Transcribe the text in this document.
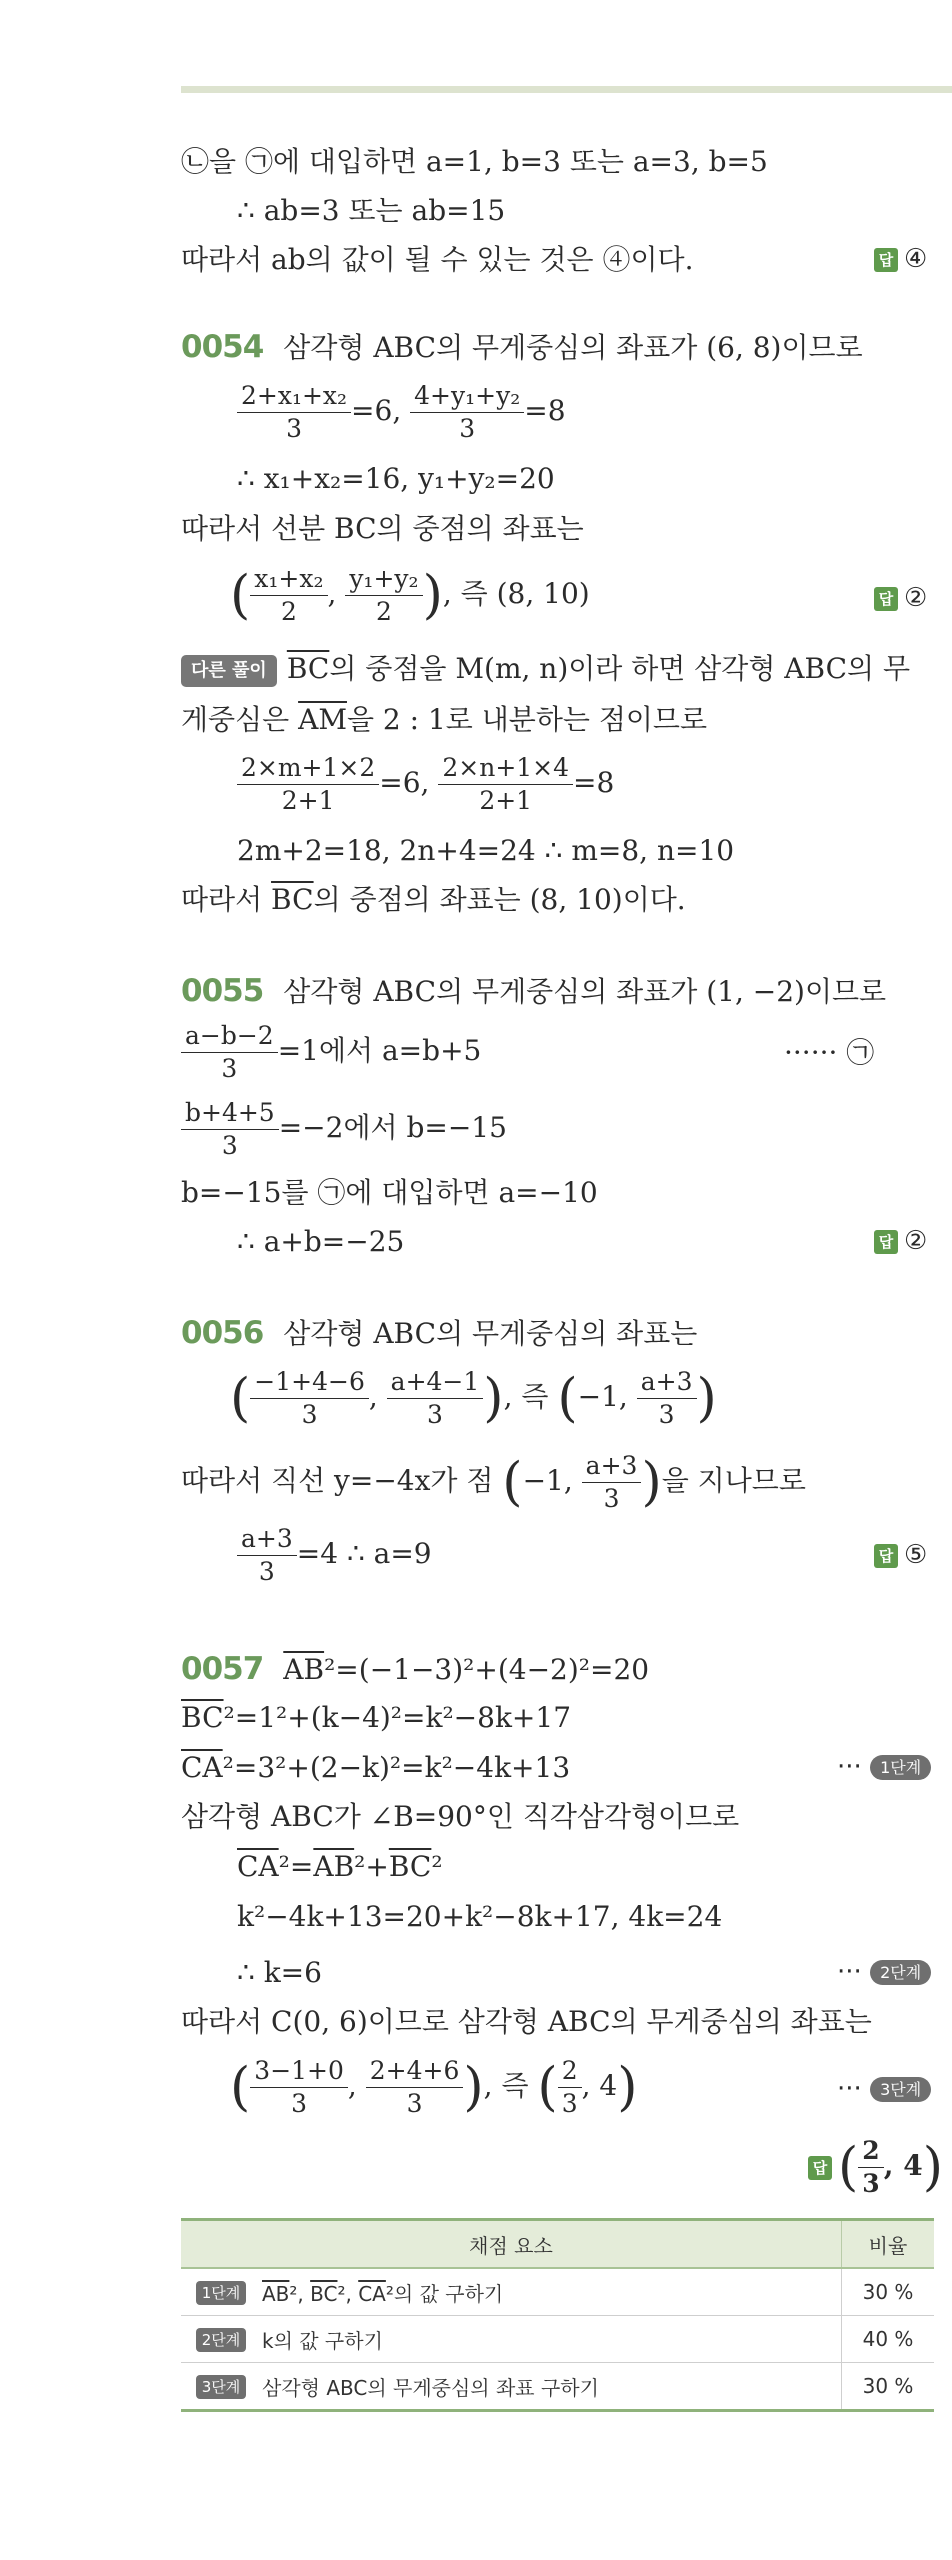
㉡을 ㉠에 대입하면 a=1, b=3 또는 a=3, b=5
∴ ab=3 또는 ab=15
따라서 ab의 값이 될 수 있는 것은 ④이다.	답 ④
0054 삼각형 ABC의 무게중심의 좌표가 (6, 8)이므로
$\frac{\text{2+x₁+x₂}}{3} =6$, $\frac{\text{4+y₁+y₂}}{3} =8$
∴ x₁+x₂=16, y₁+y₂=20
따라서 선분 BC의 중점의 좌표는
( $\frac{\text{x₁+x₂}}{2}$ , $\frac{\text{y₁+y₂}}{2}$ ), 즉 (8, 10)	답 ②
다른 풀이 $\overline{BC}$의 중점을 M(m, n)이라 하면 삼각형 ABC의 무
게중심은 $\overline{AM}$을 2 : 1로 내분하는 점이므로
$\frac{2\times m+1\times 2}{2+1} =6$, $\frac{2\times n+1\times 4}{2+1} =8$
2m+2=18, 2n+4=24 ∴ m=8, n=10
따라서 $\overline{BC}$의 중점의 좌표는 (8, 10)이다.
0055 삼각형 ABC의 무게중심의 좌표가 (1, −2)이므로
$\frac{a-b-2}{3} =1$에서 a=b+5	······ ㉠
$\frac{b+4+5}{3} =-2$에서 b=−15
b=−15를 ㉠에 대입하면 a=−10
∴ a+b=−25	답 ②
0056 삼각형 ABC의 무게중심의 좌표는
( $\frac{-1+4-6}{3}$ , $\frac{a+4-1}{3}$ ), 즉 (−1, $\frac{a+3}{3}$ )
따라서 직선 y=−4x가 점 (−1, $\frac{a+3}{3}$ )을 지나므로
$\frac{a+3}{3} =4$ ∴ a=9	답 ⑤
0057 $\overline{AB}^2=(-1-3)^2+(4-2)^2=20$
$\overline{BC}^2=1^2+(k-4)^2=k^2-8k+17$
$\overline{CA}^2=3^2+(2-k)^2=k^2-4k+13$	··· 1단계
삼각형 ABC가 ∠B=90°인 직각삼각형이므로
$\overline{CA}^2=\overline{AB}^2+\overline{BC}^2$
k²−4k+13=20+k²−8k+17, 4k=24
∴ k=6	··· 2단계
따라서 C(0, 6)이므로 삼각형 ABC의 무게중심의 좌표는
( $\frac{3-1+0}{3}$ , $\frac{2+4+6}{3}$ ), 즉 ( $\frac{2}{3}$ , 4)	··· 3단계
답 ( $\frac{2}{3}$ , 4)
채점 요소		비율
1단계	$\overline{AB}^2$, $\overline{BC}^2$, $\overline{CA}^2$의 값 구하기	30 %
2단계	k의 값 구하기	40 %
3단계	삼각형 ABC의 무게중심의 좌표 구하기	30 %
